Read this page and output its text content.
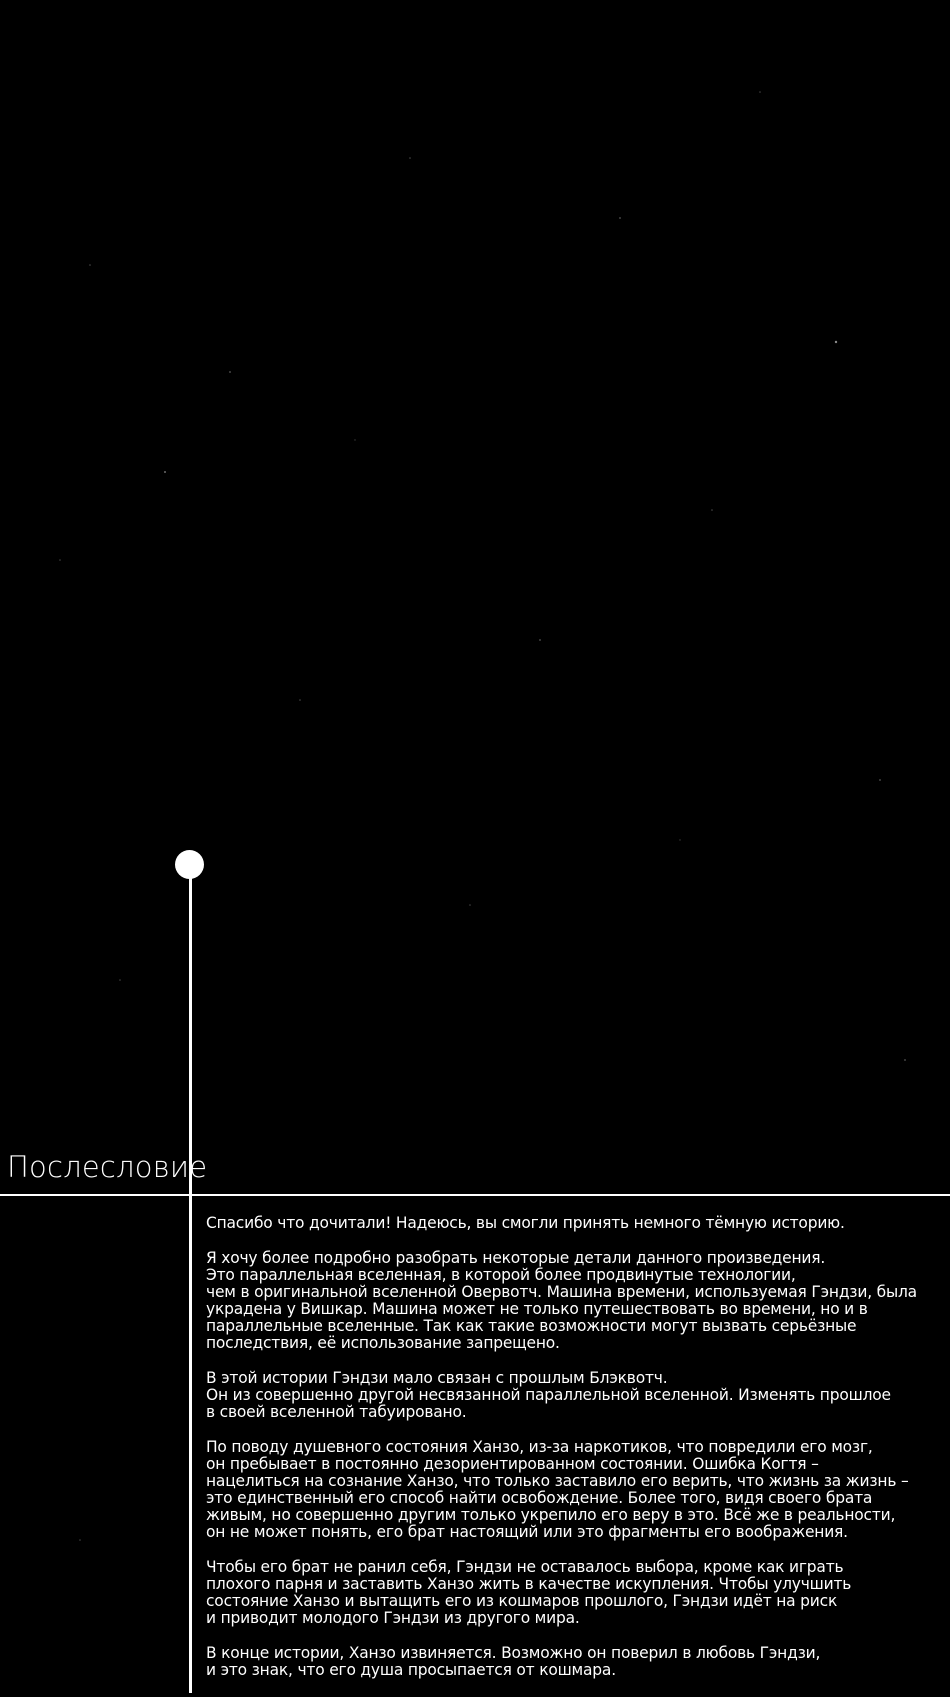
Послесловие
Спасибо что дочитали! Надеюсь, вы смогли принять немного тёмную историю.
Я хочу более подробно разобрать некоторые детали данного произведения.
Это параллельная вселенная, в которой более продвинутые технологии,
чем в оригинальной вселенной Овервотч. Машина времени, используемая Гэндзи, была
украдена у Вишкар. Машина может не только путешествовать во времени, но и в
параллельные вселенные. Так как такие возможности могут вызвать серьёзные
последствия, её использование запрещено.
В этой истории Гэндзи мало связан с прошлым Блэквотч.
Он из совершенно другой несвязанной параллельной вселенной. Изменять прошлое
в своей вселенной табуировано.
По поводу душевного состояния Ханзо, из-за наркотиков, что повредили его мозг,
он пребывает в постоянно дезориентированном состоянии. Ошибка Когтя –
нацелиться на сознание Ханзо, что только заставило его верить, что жизнь за жизнь –
это единственный его способ найти освобождение. Более того, видя своего брата
живым, но совершенно другим только укрепило его веру в это. Всё же в реальности,
он не может понять, его брат настоящий или это фрагменты его воображения.
Чтобы его брат не ранил себя, Гэндзи не оставалось выбора, кроме как играть
плохого парня и заставить Ханзо жить в качестве искупления. Чтобы улучшить
состояние Ханзо и вытащить его из кошмаров прошлого, Гэндзи идёт на риск
и приводит молодого Гэндзи из другого мира.
В конце истории, Ханзо извиняется. Возможно он поверил в любовь Гэндзи,
и это знак, что его душа просыпается от кошмара.
